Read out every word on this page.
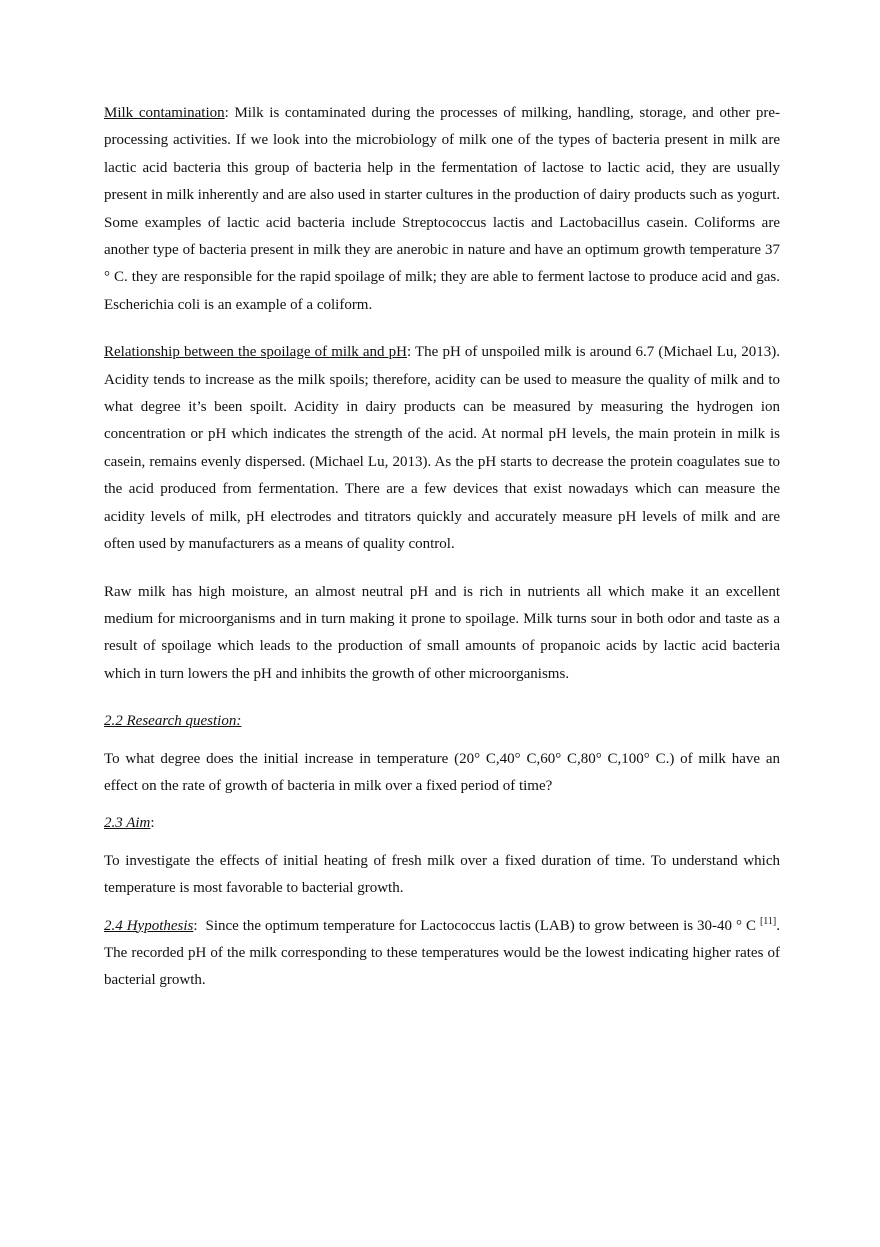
Milk contamination: Milk is contaminated during the processes of milking, handling, storage, and other pre-processing activities. If we look into the microbiology of milk one of the types of bacteria present in milk are lactic acid bacteria this group of bacteria help in the fermentation of lactose to lactic acid, they are usually present in milk inherently and are also used in starter cultures in the production of dairy products such as yogurt. Some examples of lactic acid bacteria include Streptococcus lactis and Lactobacillus casein. Coliforms are another type of bacteria present in milk they are anerobic in nature and have an optimum growth temperature 37 ° C. they are responsible for the rapid spoilage of milk; they are able to ferment lactose to produce acid and gas. Escherichia coli is an example of a coliform.

Relationship between the spoilage of milk and pH: The pH of unspoiled milk is around 6.7 (Michael Lu, 2013). Acidity tends to increase as the milk spoils; therefore, acidity can be used to measure the quality of milk and to what degree it’s been spoilt. Acidity in dairy products can be measured by measuring the hydrogen ion concentration or pH which indicates the strength of the acid. At normal pH levels, the main protein in milk is casein, remains evenly dispersed. (Michael Lu, 2013). As the pH starts to decrease the protein coagulates sue to the acid produced from fermentation. There are a few devices that exist nowadays which can measure the acidity levels of milk, pH electrodes and titrators quickly and accurately measure pH levels of milk and are often used by manufacturers as a means of quality control.

Raw milk has high moisture, an almost neutral pH and is rich in nutrients all which make it an excellent medium for microorganisms and in turn making it prone to spoilage. Milk turns sour in both odor and taste as a result of spoilage which leads to the production of small amounts of propanoic acids by lactic acid bacteria which in turn lowers the pH and inhibits the growth of other microorganisms.

2.2 Research question:

To what degree does the initial increase in temperature (20° C,40° C,60° C,80° C,100° C.) of milk have an effect on the rate of growth of bacteria in milk over a fixed period of time?

2.3 Aim:

To investigate the effects of initial heating of fresh milk over a fixed duration of time. To understand which temperature is most favorable to bacterial growth.

2.4 Hypothesis:  Since the optimum temperature for Lactococcus lactis (LAB) to grow between is 30-40 ° C [11]. The recorded pH of the milk corresponding to these temperatures would be the lowest indicating higher rates of bacterial growth.
